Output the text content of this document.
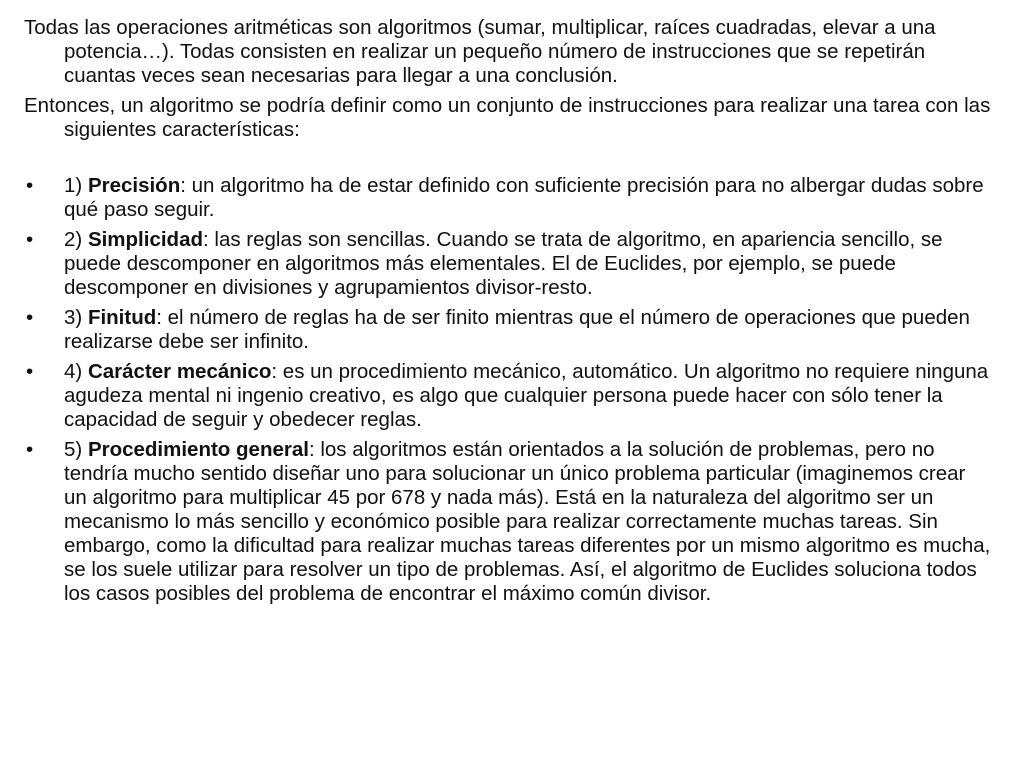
Todas las operaciones aritméticas son algoritmos (sumar, multiplicar, raíces cuadradas, elevar a una potencia…). Todas consisten en realizar un pequeño número de instrucciones que se repetirán cuantas veces sean necesarias para llegar a una conclusión.

Entonces, un algoritmo se podría definir como un conjunto de instrucciones para realizar una tarea con las siguientes características:

•	1) Precisión: un algoritmo ha de estar definido con suficiente precisión para no albergar dudas sobre qué paso seguir.
•	2) Simplicidad: las reglas son sencillas. Cuando se trata de algoritmo, en apariencia sencillo, se puede descomponer en algoritmos más elementales. El de Euclides, por ejemplo, se puede descomponer en divisiones y agrupamientos divisor-resto.
•	3) Finitud: el número de reglas ha de ser finito mientras que el número de operaciones que pueden realizarse debe ser infinito.
•	4) Carácter mecánico: es un procedimiento mecánico, automático. Un algoritmo no requiere ninguna agudeza mental ni ingenio creativo, es algo que cualquier persona puede hacer con sólo tener la capacidad de seguir y obedecer reglas.
•	5) Procedimiento general: los algoritmos están orientados a la solución de problemas, pero no tendría mucho sentido diseñar uno para solucionar un único problema particular (imaginemos crear un algoritmo para multiplicar 45 por 678 y nada más). Está en la naturaleza del algoritmo ser un mecanismo lo más sencillo y económico posible para realizar correctamente muchas tareas. Sin embargo, como la dificultad para realizar muchas tareas diferentes por un mismo algoritmo es mucha, se los suele utilizar para resolver un tipo de problemas. Así, el algoritmo de Euclides soluciona todos los casos posibles del problema de encontrar el máximo común divisor.
